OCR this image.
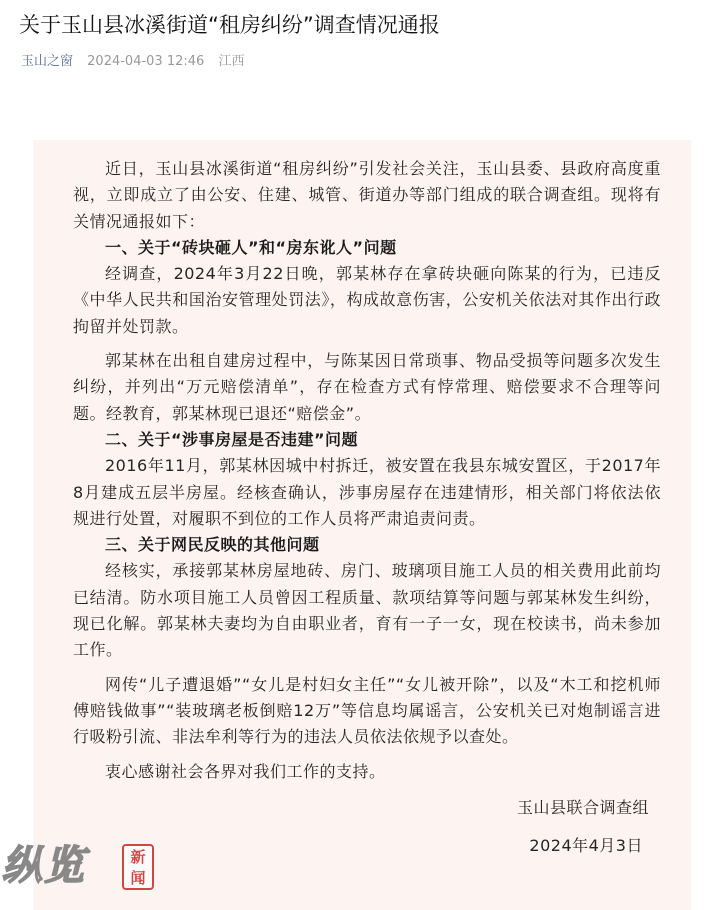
关于玉山县冰溪街道“租房纠纷”调查情况通报
玉山之窗 2024-04-03 12:46 江西

近日，玉山县冰溪街道“租房纠纷”引发社会关注，玉山县委、县政府高度重视，立即成立了由公安、住建、城管、街道办等部门组成的联合调查组。现将有关情况通报如下：

一、关于“砖块砸人”和“房东讹人”问题

经调查，2024年3月22日晚，郭某林存在拿砖块砸向陈某的行为，已违反《中华人民共和国治安管理处罚法》，构成故意伤害，公安机关依法对其作出行政拘留并处罚款。

郭某林在出租自建房过程中，与陈某因日常琐事、物品受损等问题多次发生纠纷，并列出“万元赔偿清单”，存在检查方式有悖常理、赔偿要求不合理等问题。经教育，郭某林现已退还“赔偿金”。

二、关于“涉事房屋是否违建”问题

2016年11月，郭某林因城中村拆迁，被安置在我县东城安置区，于2017年8月建成五层半房屋。经核查确认，涉事房屋存在违建情形，相关部门将依法依规进行处置，对履职不到位的工作人员将严肃追责问责。

三、关于网民反映的其他问题

经核实，承接郭某林房屋地砖、房门、玻璃项目施工人员的相关费用此前均已结清。防水项目施工人员曾因工程质量、款项结算等问题与郭某林发生纠纷，现已化解。郭某林夫妻均为自由职业者，育有一子一女，现在校读书，尚未参加工作。

网传“儿子遭退婚”“女儿是村妇女主任”“女儿被开除”，以及“木工和挖机师傅赔钱做事”“装玻璃老板倒赔12万”等信息均属谣言，公安机关已对炮制谣言进行吸粉引流、非法牟利等行为的违法人员依法依规予以查处。

衷心感谢社会各界对我们工作的支持。

玉山县联合调查组

2024年4月3日

纵览	新
闻
